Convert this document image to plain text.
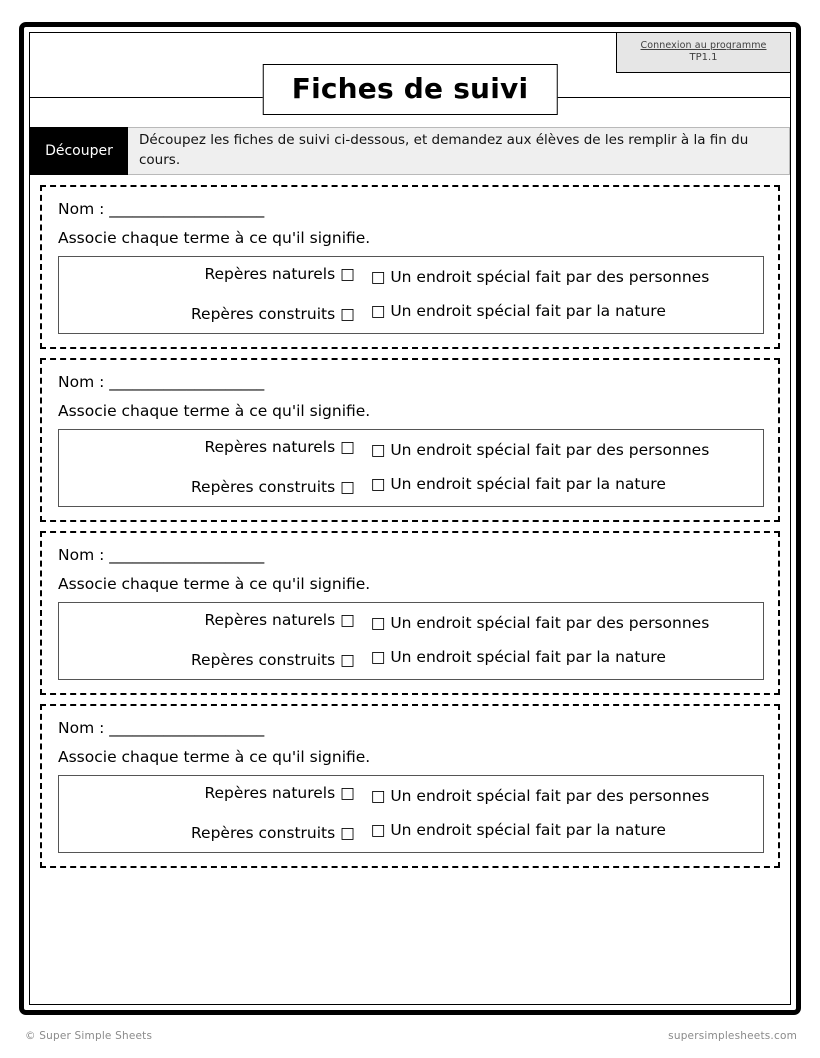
Connexion au programme
TP1.1
Fiches de suivi
Découper
Découpez les fiches de suivi ci-dessous, et demandez aux élèves de les remplir à la fin du cours.
Nom : ____________________
Associe chaque terme à ce qu'il signifie.
Repères naturels □
Repères construits □
□ Un endroit spécial fait par des personnes
□ Un endroit spécial fait par la nature
Nom : ____________________
Associe chaque terme à ce qu'il signifie.
Repères naturels □
Repères construits □
□ Un endroit spécial fait par des personnes
□ Un endroit spécial fait par la nature
Nom : ____________________
Associe chaque terme à ce qu'il signifie.
Repères naturels □
Repères construits □
□ Un endroit spécial fait par des personnes
□ Un endroit spécial fait par la nature
Nom : ____________________
Associe chaque terme à ce qu'il signifie.
Repères naturels □
Repères construits □
□ Un endroit spécial fait par des personnes
□ Un endroit spécial fait par la nature
© Super Simple Sheets	supersimplesheets.com
